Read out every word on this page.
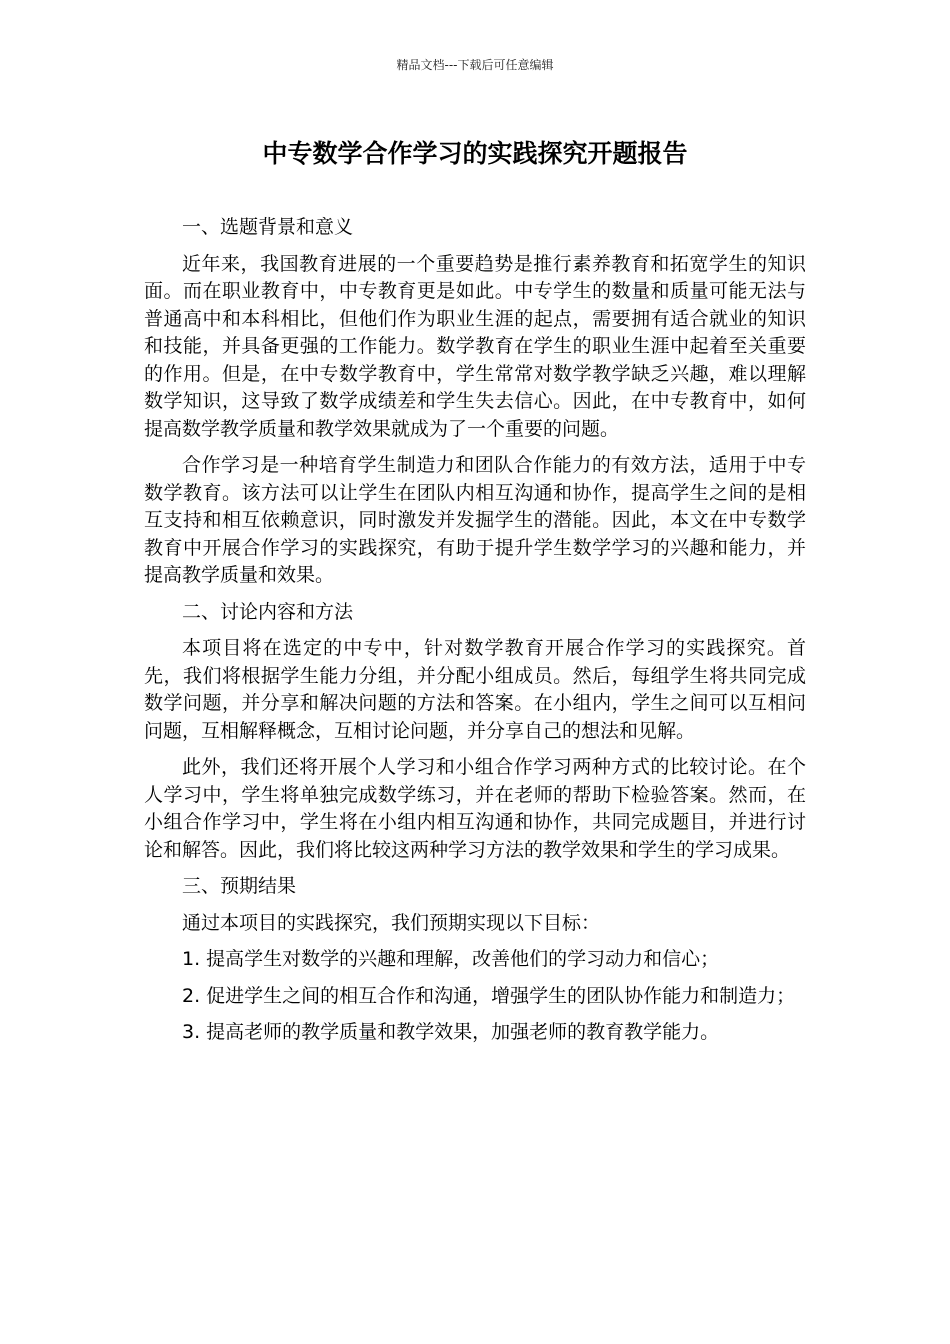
精品文档---下载后可任意编辑
中专数学合作学习的实践探究开题报告

一、选题背景和意义

近年来，我国教育进展的一个重要趋势是推行素养教育和拓宽学生的知识面。而在职业教育中，中专教育更是如此。中专学生的数量和质量可能无法与普通高中和本科相比，但他们作为职业生涯的起点，需要拥有适合就业的知识和技能，并具备更强的工作能力。数学教育在学生的职业生涯中起着至关重要的作用。但是，在中专数学教育中，学生常常对数学教学缺乏兴趣，难以理解数学知识，这导致了数学成绩差和学生失去信心。因此，在中专教育中，如何提高数学教学质量和教学效果就成为了一个重要的问题。

合作学习是一种培育学生制造力和团队合作能力的有效方法，适用于中专数学教育。该方法可以让学生在团队内相互沟通和协作，提高学生之间的是相互支持和相互依赖意识，同时激发并发掘学生的潜能。因此，本文在中专数学教育中开展合作学习的实践探究，有助于提升学生数学学习的兴趣和能力，并提高教学质量和效果。

二、讨论内容和方法

本项目将在选定的中专中，针对数学教育开展合作学习的实践探究。首先，我们将根据学生能力分组，并分配小组成员。然后，每组学生将共同完成数学问题，并分享和解决问题的方法和答案。在小组内，学生之间可以互相问问题，互相解释概念，互相讨论问题，并分享自己的想法和见解。

此外，我们还将开展个人学习和小组合作学习两种方式的比较讨论。在个人学习中，学生将单独完成数学练习，并在老师的帮助下检验答案。然而，在小组合作学习中，学生将在小组内相互沟通和协作，共同完成题目，并进行讨论和解答。因此，我们将比较这两种学习方法的教学效果和学生的学习成果。

三、预期结果

通过本项目的实践探究，我们预期实现以下目标：

1. 提高学生对数学的兴趣和理解，改善他们的学习动力和信心；

2. 促进学生之间的相互合作和沟通，增强学生的团队协作能力和制造力；

3. 提高老师的教学质量和教学效果，加强老师的教育教学能力。
